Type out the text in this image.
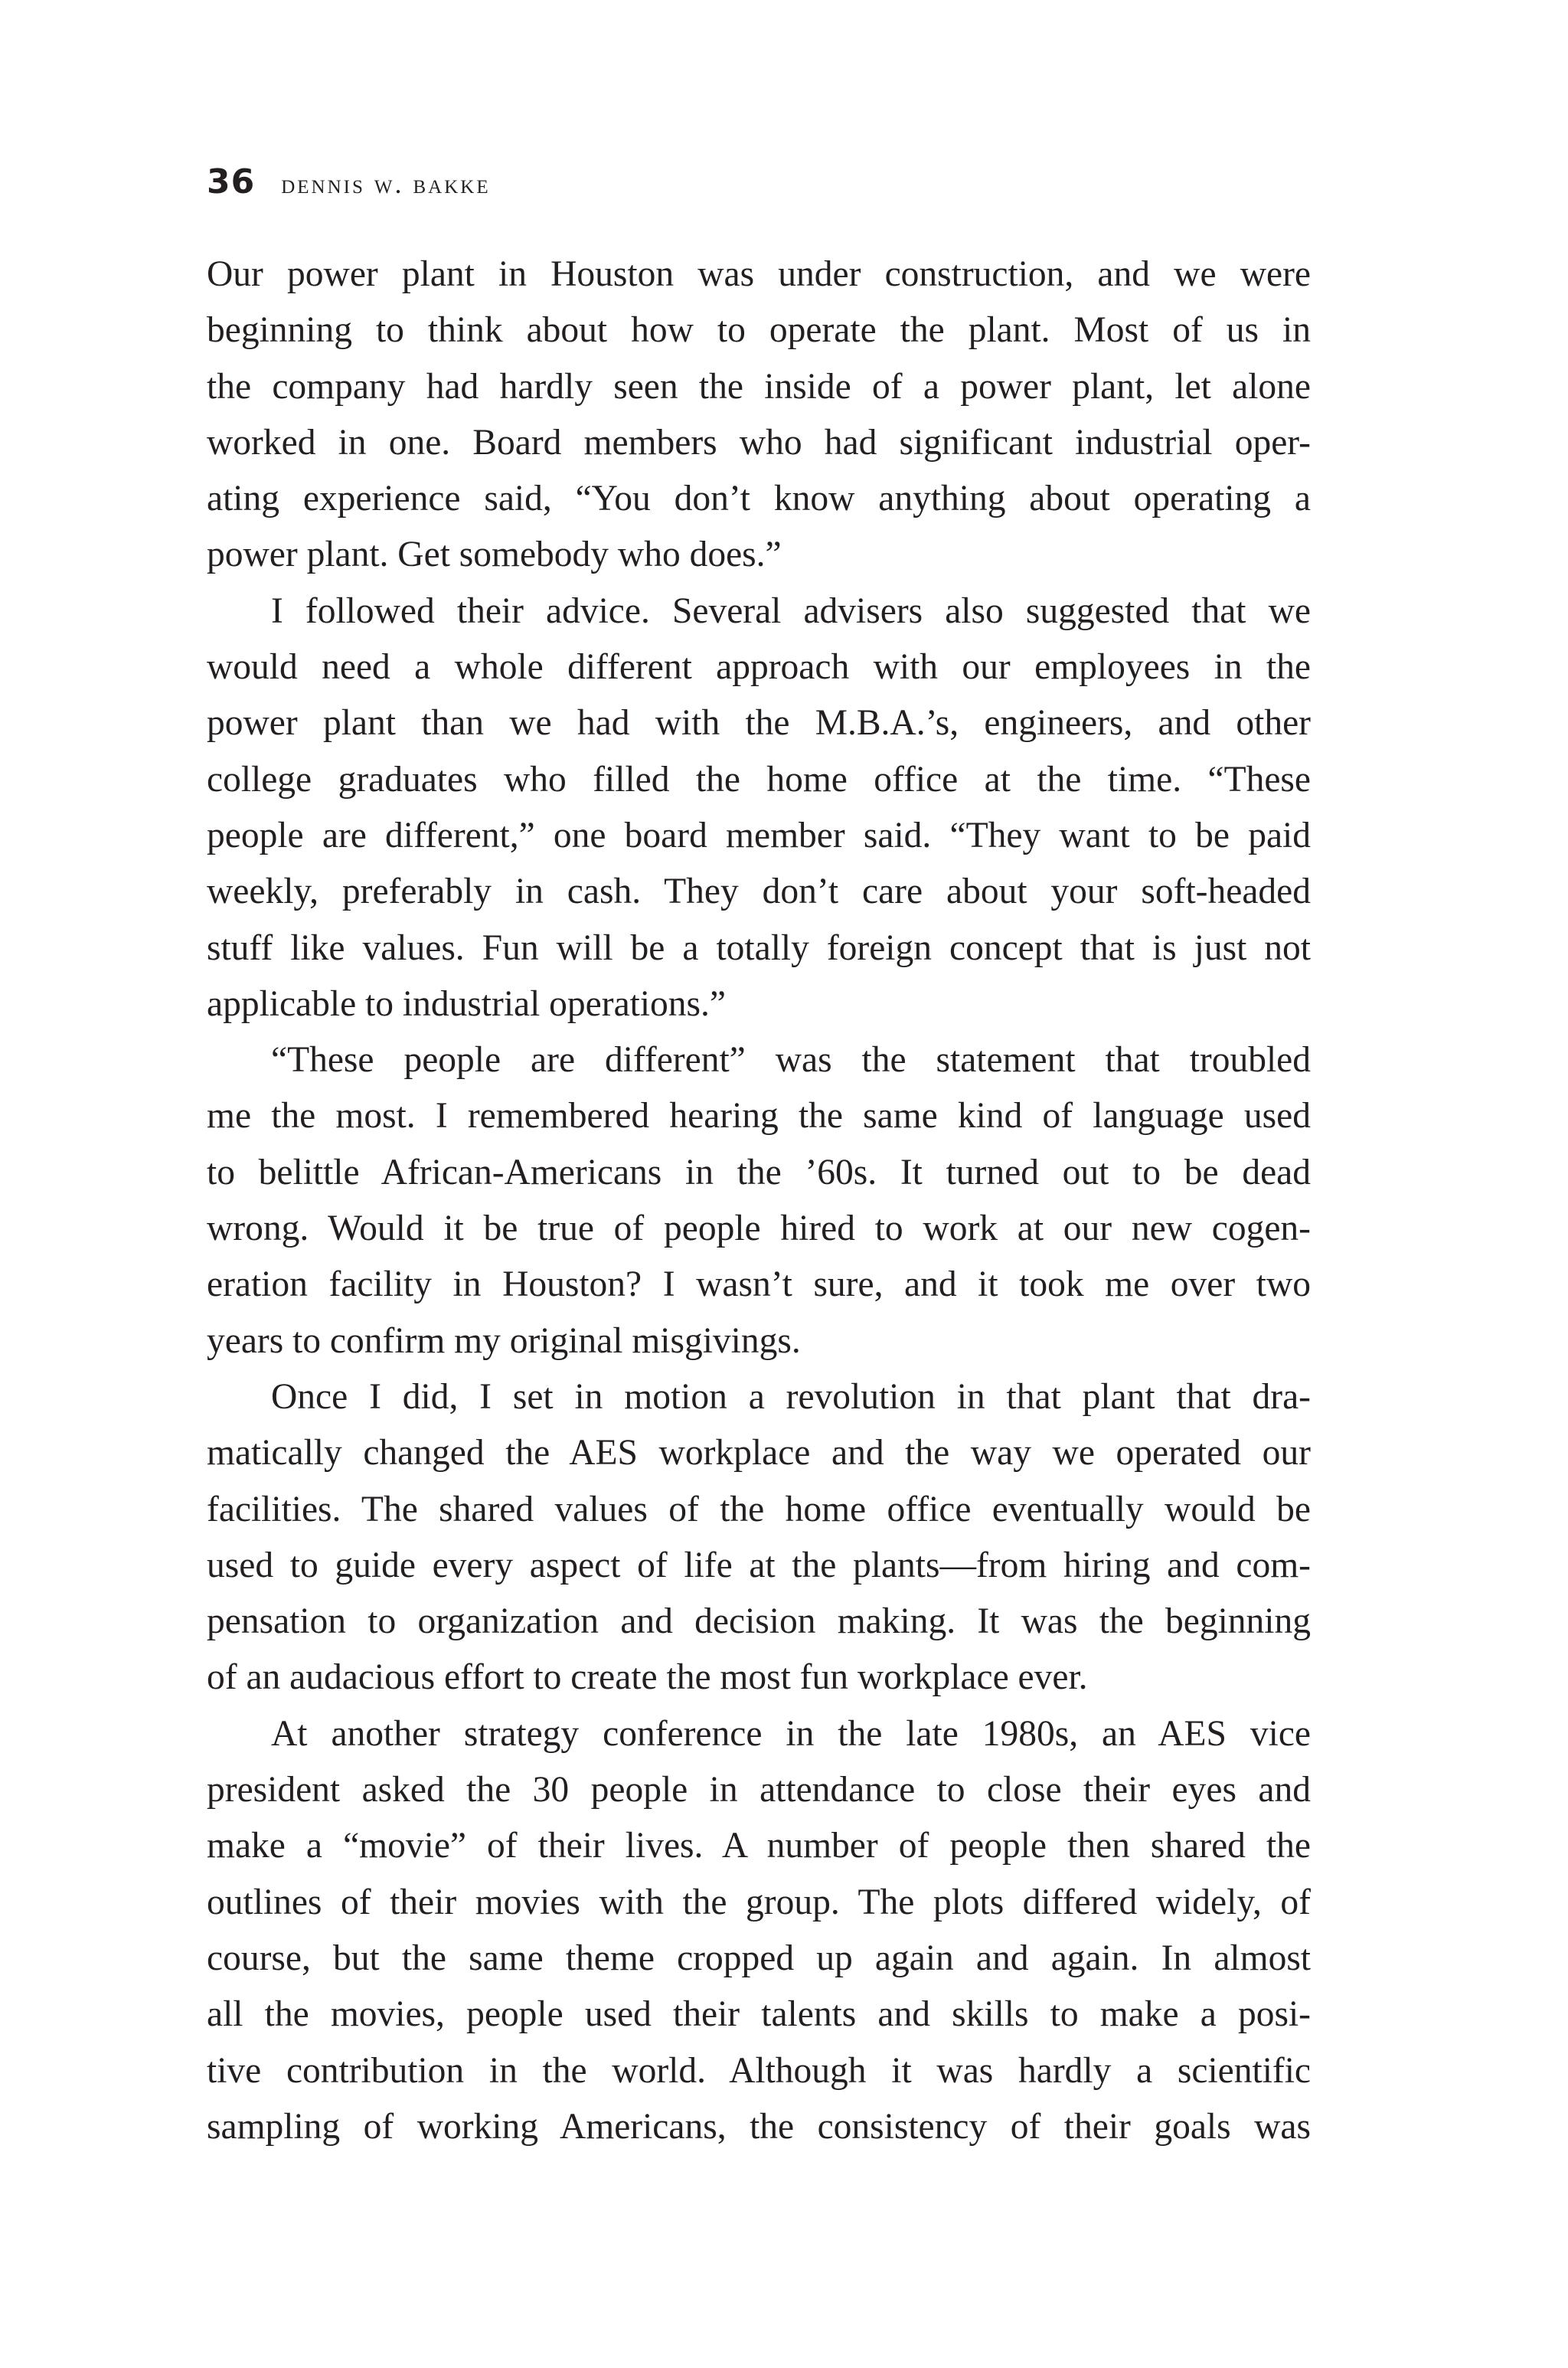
36 dennis w. bakke
Our power plant in Houston was under construction, and we were
beginning to think about how to operate the plant. Most of us in
the company had hardly seen the inside of a power plant, let alone
worked in one. Board members who had significant industrial oper-
ating experience said, “You don’t know anything about operating a
power plant. Get somebody who does.”
I followed their advice. Several advisers also suggested that we
would need a whole different approach with our employees in the
power plant than we had with the M.B.A.’s, engineers, and other
college graduates who filled the home office at the time. “These
people are different,” one board member said. “They want to be paid
weekly, preferably in cash. They don’t care about your soft-headed
stuff like values. Fun will be a totally foreign concept that is just not
applicable to industrial operations.”
“These people are different” was the statement that troubled
me the most. I remembered hearing the same kind of language used
to belittle African-Americans in the ’60s. It turned out to be dead
wrong. Would it be true of people hired to work at our new cogen-
eration facility in Houston? I wasn’t sure, and it took me over two
years to confirm my original misgivings.
Once I did, I set in motion a revolution in that plant that dra-
matically changed the AES workplace and the way we operated our
facilities. The shared values of the home office eventually would be
used to guide every aspect of life at the plants—from hiring and com-
pensation to organization and decision making. It was the beginning
of an audacious effort to create the most fun workplace ever.
At another strategy conference in the late 1980s, an AES vice
president asked the 30 people in attendance to close their eyes and
make a “movie” of their lives. A number of people then shared the
outlines of their movies with the group. The plots differed widely, of
course, but the same theme cropped up again and again. In almost
all the movies, people used their talents and skills to make a posi-
tive contribution in the world. Although it was hardly a scientific
sampling of working Americans, the consistency of their goals was
